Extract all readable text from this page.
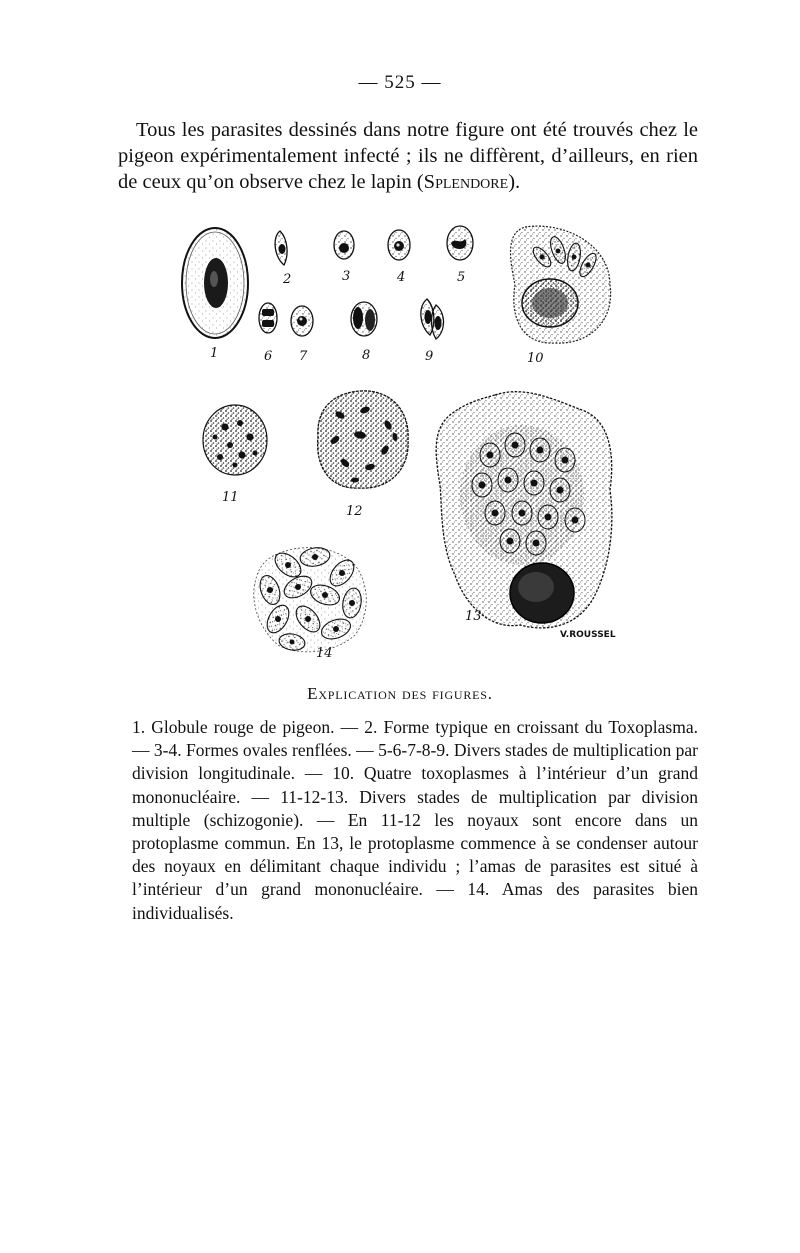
— 525 —

Tous les parasites dessinés dans notre figure ont été trouvés chez le pigeon expérimentalement infecté ; ils ne diffèrent, d’ailleurs, en rien de ceux qu’on observe chez le lapin (Splendore).

1
2	3	4	5
6 7	8	9	10
11
12
13
14
V.ROUSSEL
Explication des figures.

1. Globule rouge de pigeon. — 2. Forme typique en croissant du Toxoplasma. — 3-4. Formes ovales renflées. — 5-6-7-8-9. Divers stades de multiplication par division longitudinale. — 10. Quatre toxoplasmes à l’intérieur d’un grand mononucléaire. — 11-12-13. Divers stades de multiplication par division multiple (schizogonie). — En 11-12 les noyaux sont encore dans un protoplasme commun. En 13, le protoplasme commence à se condenser autour des noyaux en délimitant chaque individu ; l’amas de parasites est situé à l’intérieur d’un grand mononucléaire. — 14. Amas des parasites bien individualisés.
